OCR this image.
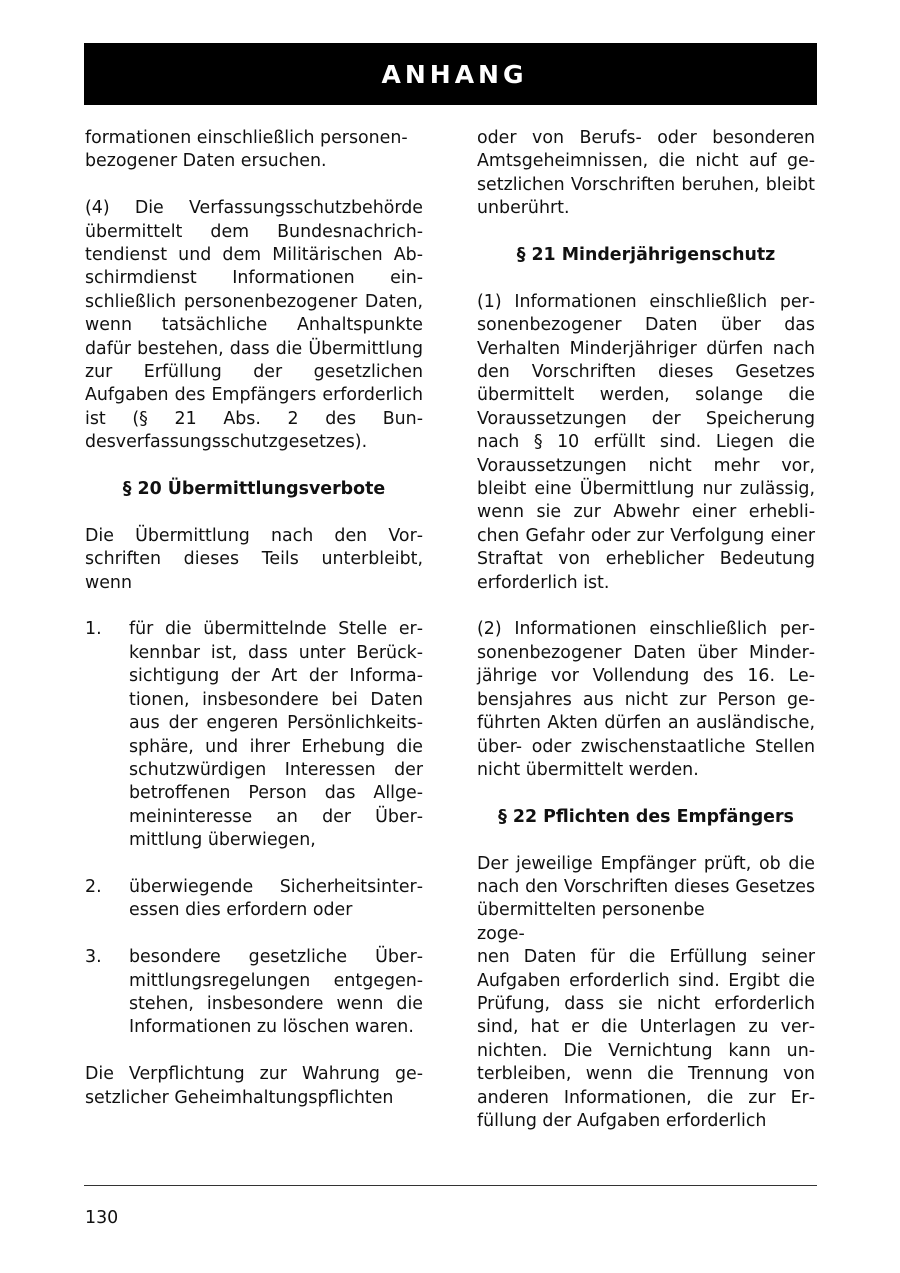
ANHANG

formationen einschließlich personenbezogener Daten ersuchen.

(4) Die Verfassungsschutzbehörde übermittelt dem Bundesnachrichtendienst und dem Militärischen Abschirmdienst Informationen einschließlich personenbezogener Daten, wenn tatsächliche Anhaltspunkte dafür bestehen, dass die Übermittlung zur Erfüllung der gesetzlichen Aufgaben des Empfängers erforderlich ist (§ 21 Abs. 2 des Bundesverfassungsschutzgesetzes).

§ 20 Übermittlungsverbote

Die Übermittlung nach den Vorschriften dieses Teils unterbleibt, wenn

1.	für die übermittelnde Stelle erkennbar ist, dass unter Berücksichtigung der Art der Informationen, insbesondere bei Daten aus der engeren Persönlichkeitssphäre, und ihrer Erhebung die schutzwürdigen Interessen der betroffenen Person das Allgemeininteresse an der Übermittlung überwiegen,
2.	überwiegende Sicherheitsinteressen dies erfordern oder
3.	besondere gesetzliche Übermittlungsregelungen entgegenstehen, insbesondere wenn die Informationen zu löschen waren.

Die Verpflichtung zur Wahrung gesetzlicher Geheimhaltungspflichten

oder von Berufs- oder besonderen Amtsgeheimnissen, die nicht auf gesetzlichen Vorschriften beruhen, bleibt unberührt.

§ 21 Minderjährigenschutz

(1) Informationen einschließlich personenbezogener Daten über das Verhalten Minderjähriger dürfen nach den Vorschriften dieses Gesetzes übermittelt werden, solange die Voraussetzungen der Speicherung nach § 10 erfüllt sind. Liegen die Voraussetzungen nicht mehr vor, bleibt eine Übermittlung nur zulässig, wenn sie zur Abwehr einer erheblichen Gefahr oder zur Verfolgung einer Straftat von erheblicher Bedeutung erforderlich ist.

(2) Informationen einschließlich personenbezogener Daten über Minderjährige vor Vollendung des 16. Lebensjahres aus nicht zur Person geführten Akten dürfen an ausländische, über- oder zwischenstaatliche Stellen nicht übermittelt werden.

§ 22 Pflichten des Empfängers

Der jeweilige Empfänger prüft, ob die nach den Vorschriften dieses Gesetzes übermittelten personenbe
zoge-
nen Daten für die Erfüllung seiner Aufgaben erforderlich sind. Ergibt die Prüfung, dass sie nicht erforderlich sind, hat er die Unterlagen zu vernichten. Die Vernichtung kann unterbleiben, wenn die Trennung von anderen Informationen, die zur Erfüllung der Aufgaben erforderlich

130
